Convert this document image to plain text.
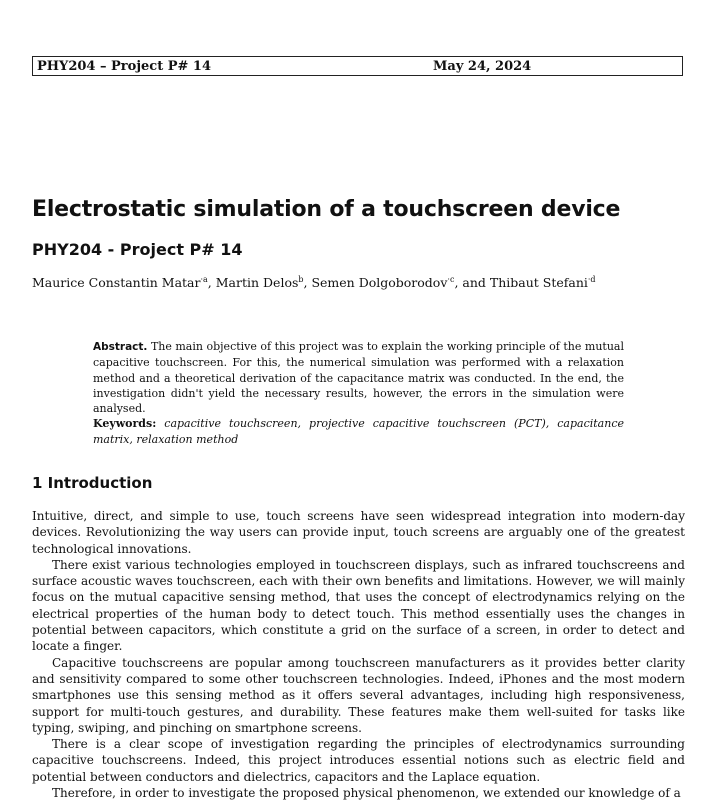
PHY204 – Project P# 14	May 24, 2024
Electrostatic simulation of a touchscreen device
PHY204 - Project P# 14
Maurice Constantin Matar$^{\cdot a}$, Martin Delos$^b$, Semen Dolgoborodov$^{\cdot c}$, and Thibaut Stefani$^{\cdot d}$
Abstract. The main objective of this project was to explain the working principle of the mutual capacitive touchscreen. For this, the numerical simulation was performed with a relaxation method and a theoretical derivation of the capacitance matrix was conducted. In the end, the investigation didn't yield the necessary results, however, the errors in the simulation were analysed.
Keywords: capacitive touchscreen, projective capacitive touchscreen (PCT), capacitance matrix, relaxation method
1 Introduction

Intuitive, direct, and simple to use, touch screens have seen widespread integration into modern-day devices. Revolutionizing the way users can provide input, touch screens are arguably one of the greatest technological innovations.

There exist various technologies employed in touchscreen displays, such as infrared touchscreens and surface acoustic waves touchscreen, each with their own benefits and limitations. However, we will mainly focus on the mutual capacitive sensing method, that uses the concept of electrodynamics relying on the electrical properties of the human body to detect touch. This method essentially uses the changes in potential between capacitors, which constitute a grid on the surface of a screen, in order to detect and locate a finger.

Capacitive touchscreens are popular among touchscreen manufacturers as it provides better clarity and sensitivity compared to some other touchscreen technologies. Indeed, iPhones and the most modern smartphones use this sensing method as it offers several advantages, including high responsiveness, support for multi-touch gestures, and durability. These features make them well-suited for tasks like typing, swiping, and pinching on smartphone screens.

There is a clear scope of investigation regarding the principles of electrodynamics surrounding capacitive touchscreens. Indeed, this project introduces essential notions such as electric field and potential between conductors and dielectrics, capacitors and the Laplace equation.

Therefore, in order to investigate the proposed physical phenomenon, we extended our knowledge of a
